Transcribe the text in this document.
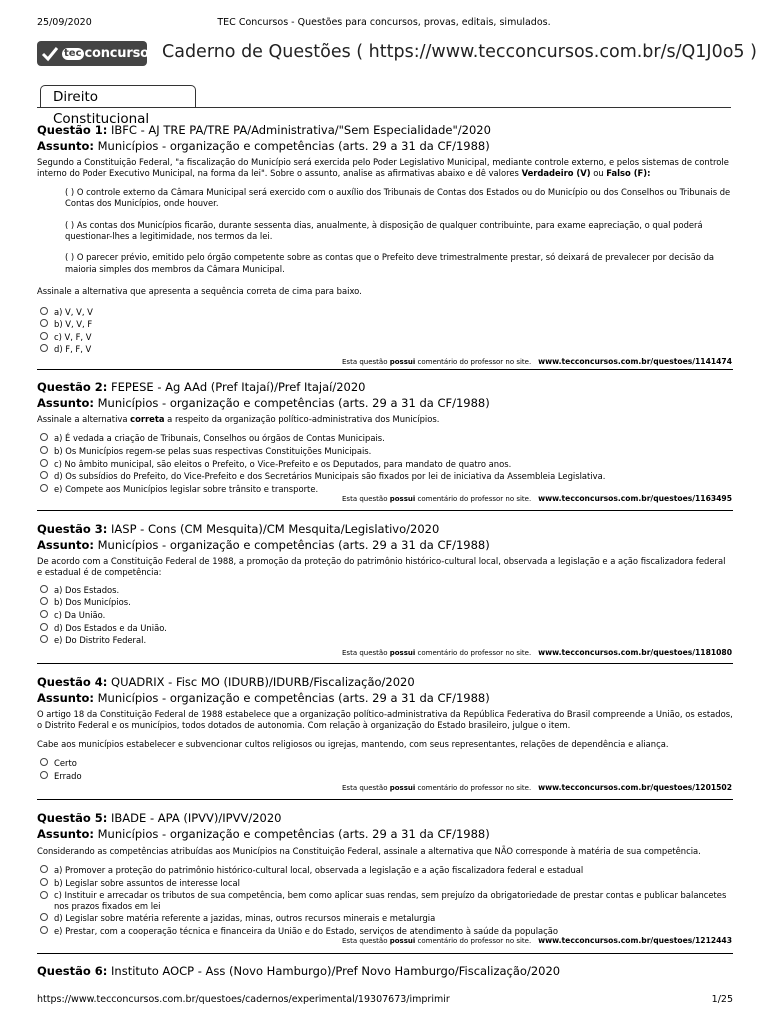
25/09/2020	TEC Concursos - Questões para concursos, provas, editais, simulados.
tec concursos Caderno de Questões ( https://www.tecconcursos.com.br/s/Q1J0o5 )
Direito Constitucional
Questão 1: IBFC - AJ TRE PA/TRE PA/Administrativa/"Sem Especialidade"/2020
Assunto: Municípios - organização e competências (arts. 29 a 31 da CF/1988)

Segundo a Constituição Federal, "a fiscalização do Município será exercida pelo Poder Legislativo Municipal, mediante controle externo, e pelos sistemas de controle interno do Poder Executivo Municipal, na forma da lei". Sobre o assunto, analise as afirmativas abaixo e dê valores Verdadeiro (V) ou Falso (F):

( ) O controle externo da Câmara Municipal será exercido com o auxílio dos Tribunais de Contas dos Estados ou do Município ou dos Conselhos ou Tribunais de Contas dos Municípios, onde houver.

( ) As contas dos Municípios ficarão, durante sessenta dias, anualmente, à disposição de qualquer contribuinte, para exame eapreciação, o qual poderá questionar-lhes a legitimidade, nos termos da lei.

( ) O parecer prévio, emitido pelo órgão competente sobre as contas que o Prefeito deve trimestralmente prestar, só deixará de prevalecer por decisão da maioria simples dos membros da Câmara Municipal.

Assinale a alternativa que apresenta a sequência correta de cima para baixo.

a) V, V, V
b) V, V, F
c) V, F, V
d) F, F, V
Esta questão possui comentário do professor no site. www.tecconcursos.com.br/questoes/1141474
Questão 2: FEPESE - Ag AAd (Pref Itajaí)/Pref Itajaí/2020
Assunto: Municípios - organização e competências (arts. 29 a 31 da CF/1988)

Assinale a alternativa correta a respeito da organização político-administrativa dos Municípios.

a) É vedada a criação de Tribunais, Conselhos ou órgãos de Contas Municipais.
b) Os Municípios regem-se pelas suas respectivas Constituições Municipais.
c) No âmbito municipal, são eleitos o Prefeito, o Vice-Prefeito e os Deputados, para mandato de quatro anos.
d) Os subsídios do Prefeito, do Vice-Prefeito e dos Secretários Municipais são fixados por lei de iniciativa da Assembleia Legislativa.
e) Compete aos Municípios legislar sobre trânsito e transporte.
Esta questão possui comentário do professor no site. www.tecconcursos.com.br/questoes/1163495
Questão 3: IASP - Cons (CM Mesquita)/CM Mesquita/Legislativo/2020
Assunto: Municípios - organização e competências (arts. 29 a 31 da CF/1988)

De acordo com a Constituição Federal de 1988, a promoção da proteção do patrimônio histórico-cultural local, observada a legislação e a ação fiscalizadora federal e estadual é de competência:

a) Dos Estados.
b) Dos Municípios.
c) Da União.
d) Dos Estados e da União.
e) Do Distrito Federal.
Esta questão possui comentário do professor no site. www.tecconcursos.com.br/questoes/1181080
Questão 4: QUADRIX - Fisc MO (IDURB)/IDURB/Fiscalização/2020
Assunto: Municípios - organização e competências (arts. 29 a 31 da CF/1988)

O artigo 18 da Constituição Federal de 1988 estabelece que a organização político-administrativa da República Federativa do Brasil compreende a União, os estados, o Distrito Federal e os municípios, todos dotados de autonomia. Com relação à organização do Estado brasileiro, julgue o item.

Cabe aos municípios estabelecer e subvencionar cultos religiosos ou igrejas, mantendo, com seus representantes, relações de dependência e aliança.

Certo
Errado
Esta questão possui comentário do professor no site. www.tecconcursos.com.br/questoes/1201502
Questão 5: IBADE - APA (IPVV)/IPVV/2020
Assunto: Municípios - organização e competências (arts. 29 a 31 da CF/1988)

Considerando as competências atribuídas aos Municípios na Constituição Federal, assinale a alternativa que NÃO corresponde à matéria de sua competência.

a) Promover a proteção do patrimônio histórico-cultural local, observada a legislação e a ação fiscalizadora federal e estadual
b) Legislar sobre assuntos de interesse local
c) Instituir e arrecadar os tributos de sua competência, bem como aplicar suas rendas, sem prejuízo da obrigatoriedade de prestar contas e publicar balancetes nos prazos fixados em lei
d) Legislar sobre matéria referente a jazidas, minas, outros recursos minerais e metalurgia
e) Prestar, com a cooperação técnica e financeira da União e do Estado, serviços de atendimento à saúde da população
Esta questão possui comentário do professor no site. www.tecconcursos.com.br/questoes/1212443
Questão 6: Instituto AOCP - Ass (Novo Hamburgo)/Pref Novo Hamburgo/Fiscalização/2020
https://www.tecconcursos.com.br/questoes/cadernos/experimental/19307673/imprimir	1/25
